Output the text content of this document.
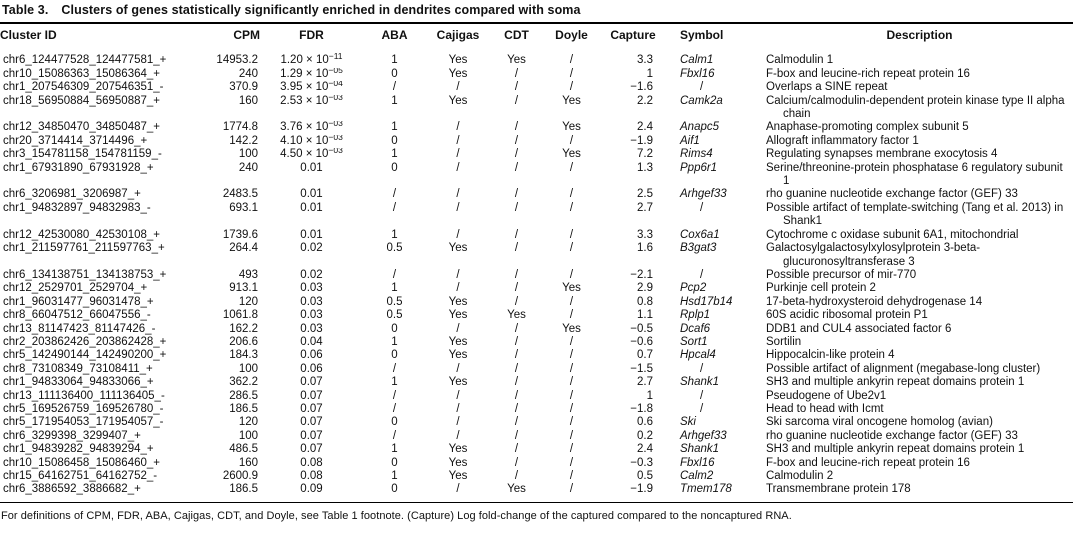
Table 3. Clusters of genes statistically significantly enriched in dendrites compared with soma
Cluster ID	CPM	FDR	ABA	Cajigas	CDT	Doyle	Capture	Symbol	Description
chr6_124477528_124477581_+	14953.2	$1.20 \times 10^{-11}$	1	Yes	Yes	/	3.3	Calm1	Calmodulin 1

chr10_15086363_15086364_+	240	$1.29 \times 10^{-05}$	0	Yes	/	/	1	Fbxl16	F-box and leucine-rich repeat protein 16

chr1_207546309_207546351_-	370.9	$3.95 \times 10^{-04}$	/	/	/	/	−1.6	/	Overlaps a SINE repeat

chr18_56950884_56950887_+	160	$2.53 \times 10^{-03}$	1	Yes	/	Yes	2.2	Camk2a	Calcium/calmodulin-dependent protein kinase type II alpha chain

chr12_34850470_34850487_+	1774.8	$3.76 \times 10^{-03}$	1	/	/	Yes	2.4	Anapc5	Anaphase-promoting complex subunit 5

chr20_3714414_3714496_+	142.2	$4.10 \times 10^{-03}$	0	/	/	/	−1.9	Aif1	Allograft inflammatory factor 1

chr3_154781158_154781159_-	100	$4.50 \times 10^{-03}$	1	/	/	Yes	7.2	Rims4	Regulating synapses membrane exocytosis 4

chr1_67931890_67931928_+	240	0.01	0	/	/	/	1.3	Ppp6r1	Serine/threonine-protein phosphatase 6 regulatory subunit 1

chr6_3206981_3206987_+	2483.5	0.01	/	/	/	/	2.5	Arhgef33	rho guanine nucleotide exchange factor (GEF) 33

chr1_94832897_94832983_-	693.1	0.01	/	/	/	/	2.7	/	Possible artifact of template-switching (Tang et al. 2013) in Shank1

chr12_42530080_42530108_+	1739.6	0.01	1	/	/	/	3.3	Cox6a1	Cytochrome c oxidase subunit 6A1, mitochondrial

chr1_211597761_211597763_+	264.4	0.02	0.5	Yes	/	/	1.6	B3gat3	Galactosylgalactosylxylosylprotein 3-beta-glucuronosyltransferase 3

chr6_134138751_134138753_+	493	0.02	/	/	/	/	−2.1	/	Possible precursor of mir-770

chr12_2529701_2529704_+	913.1	0.03	1	/	/	Yes	2.9	Pcp2	Purkinje cell protein 2

chr1_96031477_96031478_+	120	0.03	0.5	Yes	/	/	0.8	Hsd17b14	17-beta-hydroxysteroid dehydrogenase 14

chr8_66047512_66047556_-	1061.8	0.03	0.5	Yes	Yes	/	1.1	Rplp1	60S acidic ribosomal protein P1

chr13_81147423_81147426_-	162.2	0.03	0	/	/	Yes	−0.5	Dcaf6	DDB1 and CUL4 associated factor 6

chr2_203862426_203862428_+	206.6	0.04	1	Yes	/	/	−0.6	Sort1	Sortilin

chr5_142490144_142490200_+	184.3	0.06	0	Yes	/	/	0.7	Hpcal4	Hippocalcin-like protein 4

chr8_73108349_73108411_+	100	0.06	/	/	/	/	−1.5	/	Possible artifact of alignment (megabase-long cluster)

chr1_94833064_94833066_+	362.2	0.07	1	Yes	/	/	2.7	Shank1	SH3 and multiple ankyrin repeat domains protein 1

chr13_111136400_111136405_-	286.5	0.07	/	/	/	/	1	/	Pseudogene of Ube2v1

chr5_169526759_169526780_-	186.5	0.07	/	/	/	/	−1.8	/	Head to head with Icmt

chr5_171954053_171954057_-	120	0.07	0	/	/	/	0.6	Ski	Ski sarcoma viral oncogene homolog (avian)

chr6_3299398_3299407_+	100	0.07	/	/	/	/	0.2	Arhgef33	rho guanine nucleotide exchange factor (GEF) 33

chr1_94839282_94839294_+	486.5	0.07	1	Yes	/	/	2.4	Shank1	SH3 and multiple ankyrin repeat domains protein 1

chr10_15086458_15086460_+	160	0.08	0	Yes	/	/	−0.3	Fbxl16	F-box and leucine-rich repeat protein 16

chr15_64162751_64162752_-	2600.9	0.08	1	Yes	/	/	0.5	Calm2	Calmodulin 2

chr6_3886592_3886682_+	186.5	0.09	0	/	Yes	/	−1.9	Tmem178	Transmembrane protein 178
For definitions of CPM, FDR, ABA, Cajigas, CDT, and Doyle, see Table 1 footnote. (Capture) Log fold-change of the captured compared to the noncaptured RNA.
